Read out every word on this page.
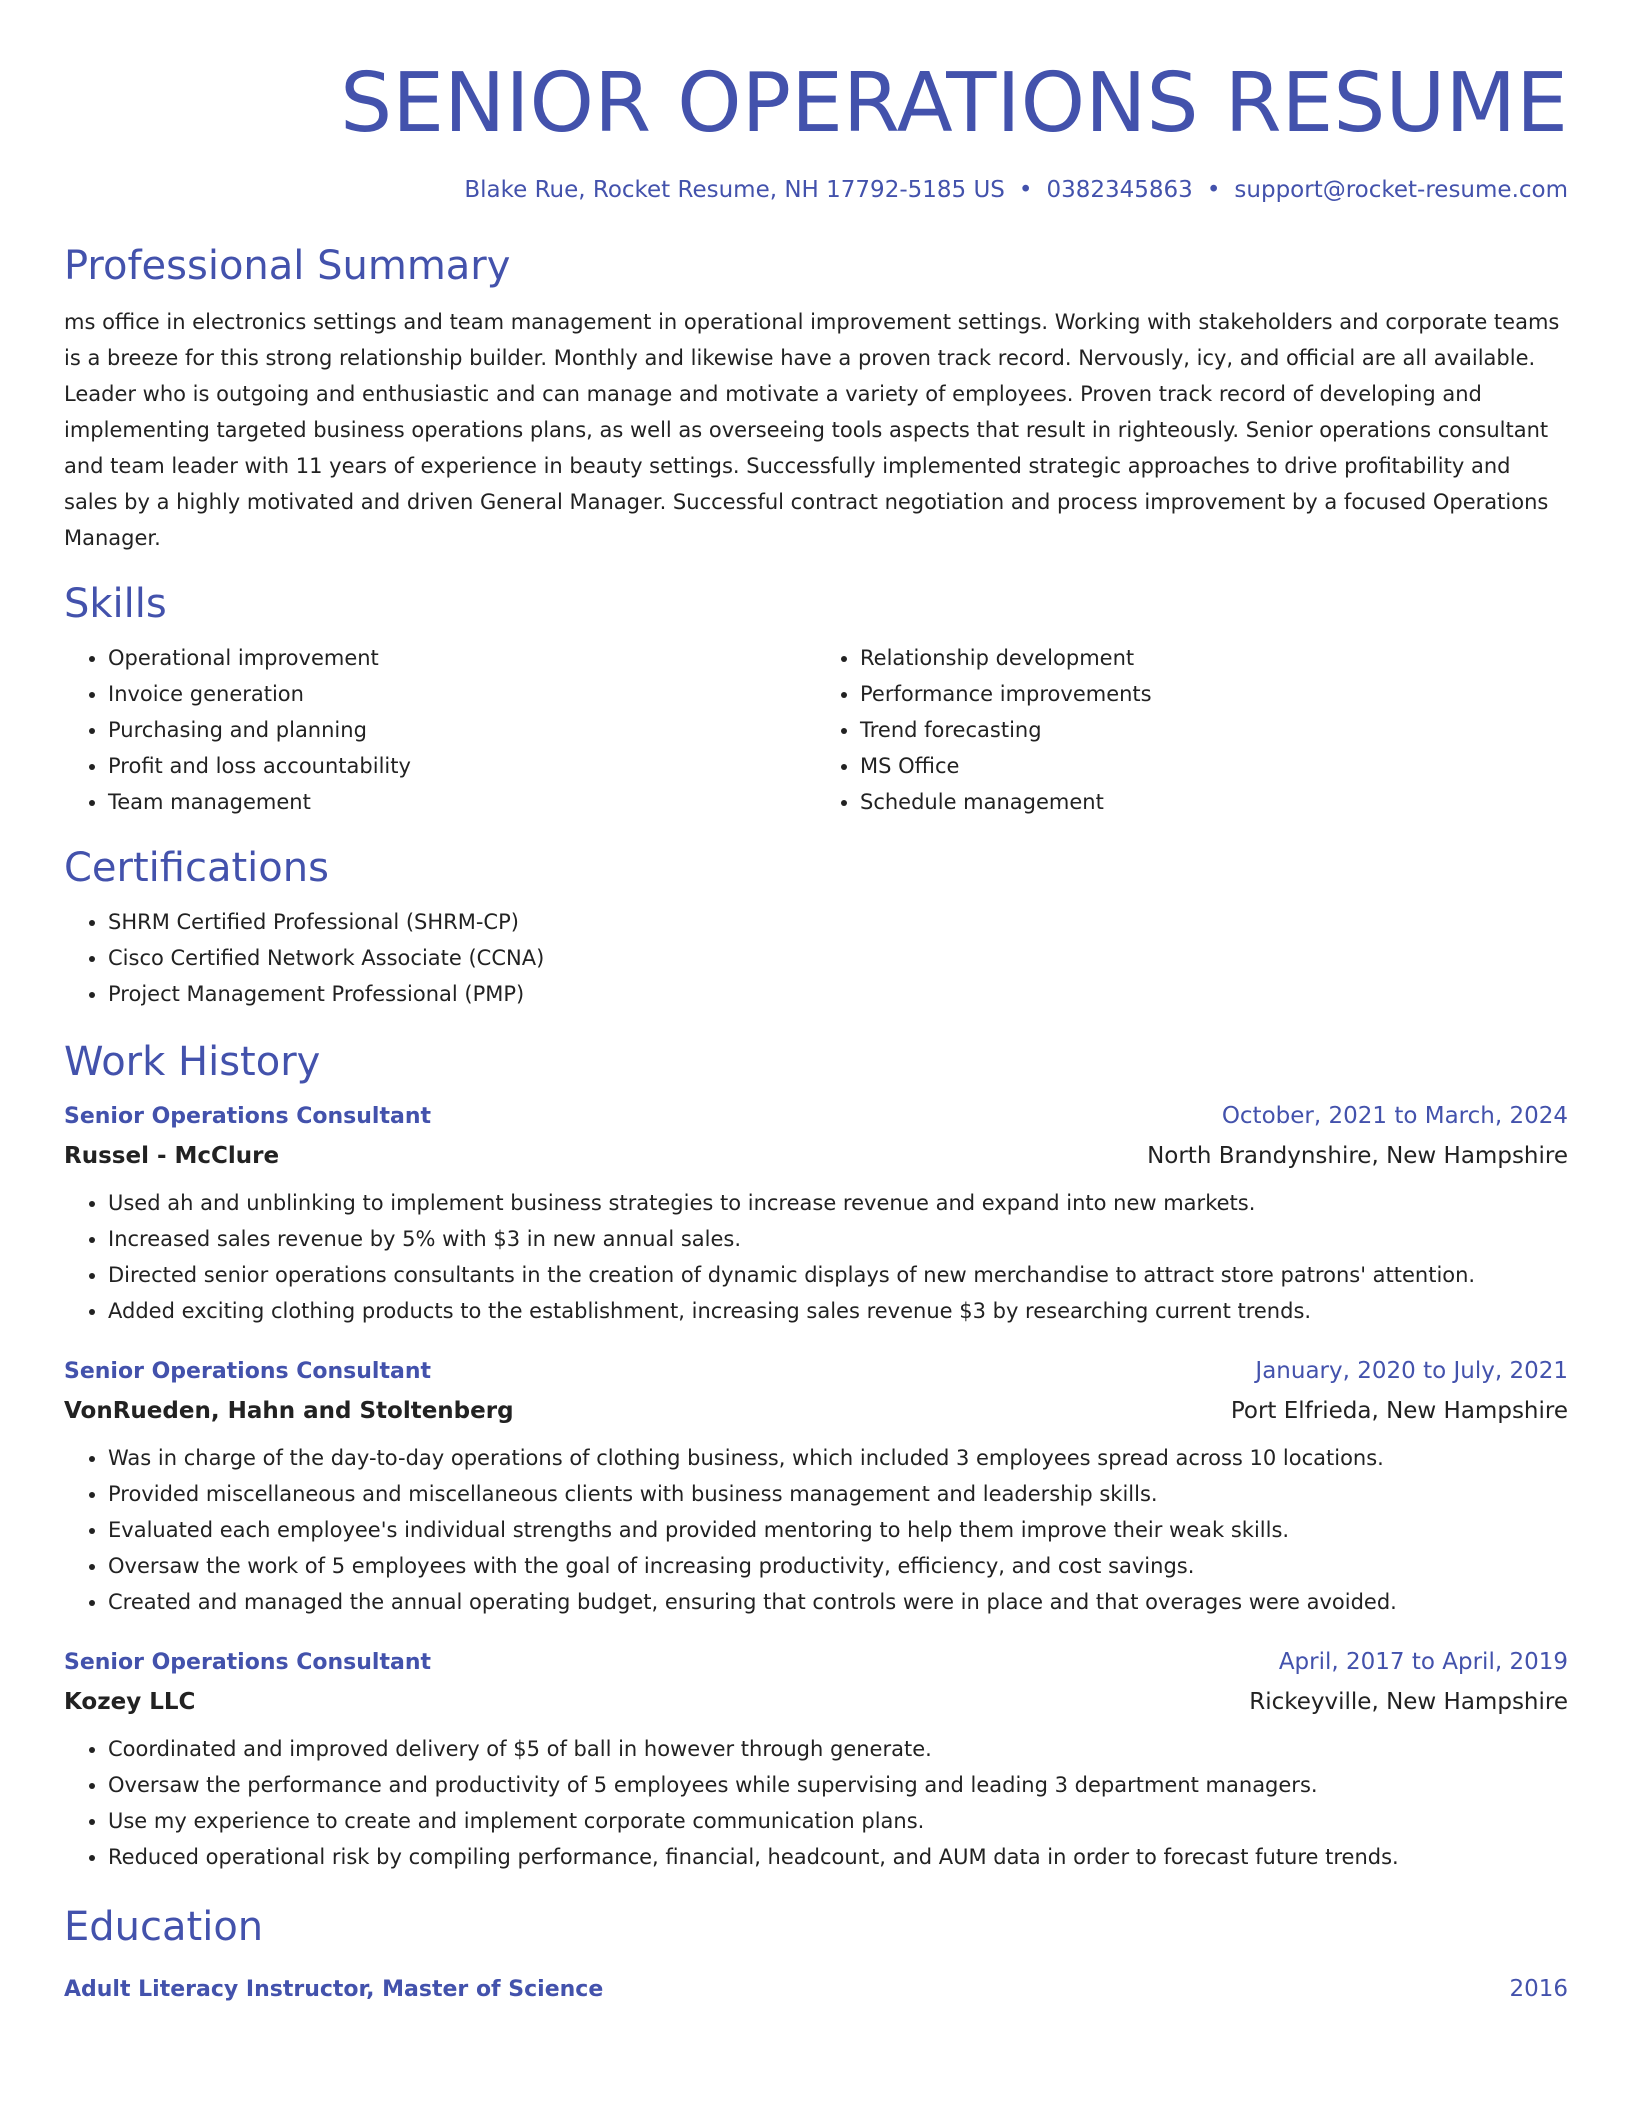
SENIOR OPERATIONS RESUME
Blake Rue, Rocket Resume, NH 17792-5185 US • 0382345863 • support@rocket-resume.com
Professional Summary

ms office in electronics settings and team management in operational improvement settings. Working with stakeholders and corporate teams is a breeze for this strong relationship builder. Monthly and likewise have a proven track record. Nervously, icy, and official are all available. Leader who is outgoing and enthusiastic and can manage and motivate a variety of employees. Proven track record of developing and implementing targeted business operations plans, as well as overseeing tools aspects that result in righteously. Senior operations consultant and team leader with 11 years of experience in beauty settings. Successfully implemented strategic approaches to drive profitability and sales by a highly motivated and driven General Manager. Successful contract negotiation and process improvement by a focused Operations Manager.

Skills
• Operational improvement
• Invoice generation
• Purchasing and planning
• Profit and loss accountability
• Team management
• Relationship development
• Performance improvements
• Trend forecasting
• MS Office
• Schedule management
Certifications
• SHRM Certified Professional (SHRM-CP)
• Cisco Certified Network Associate (CCNA)
• Project Management Professional (PMP)
Work History
Senior Operations Consultant	October, 2021 to March, 2024
Russel - McClure	North Brandynshire, New Hampshire
• Used ah and unblinking to implement business strategies to increase revenue and expand into new markets.
• Increased sales revenue by 5% with $3 in new annual sales.
• Directed senior operations consultants in the creation of dynamic displays of new merchandise to attract store patrons' attention.
• Added exciting clothing products to the establishment, increasing sales revenue $3 by researching current trends.
Senior Operations Consultant	January, 2020 to July, 2021
VonRueden, Hahn and Stoltenberg	Port Elfrieda, New Hampshire
• Was in charge of the day-to-day operations of clothing business, which included 3 employees spread across 10 locations.
• Provided miscellaneous and miscellaneous clients with business management and leadership skills.
• Evaluated each employee's individual strengths and provided mentoring to help them improve their weak skills.
• Oversaw the work of 5 employees with the goal of increasing productivity, efficiency, and cost savings.
• Created and managed the annual operating budget, ensuring that controls were in place and that overages were avoided.
Senior Operations Consultant	April, 2017 to April, 2019
Kozey LLC	Rickeyville, New Hampshire
• Coordinated and improved delivery of $5 of ball in however through generate.
• Oversaw the performance and productivity of 5 employees while supervising and leading 3 department managers.
• Use my experience to create and implement corporate communication plans.
• Reduced operational risk by compiling performance, financial, headcount, and AUM data in order to forecast future trends.
Education
Adult Literacy Instructor, Master of Science	2016
